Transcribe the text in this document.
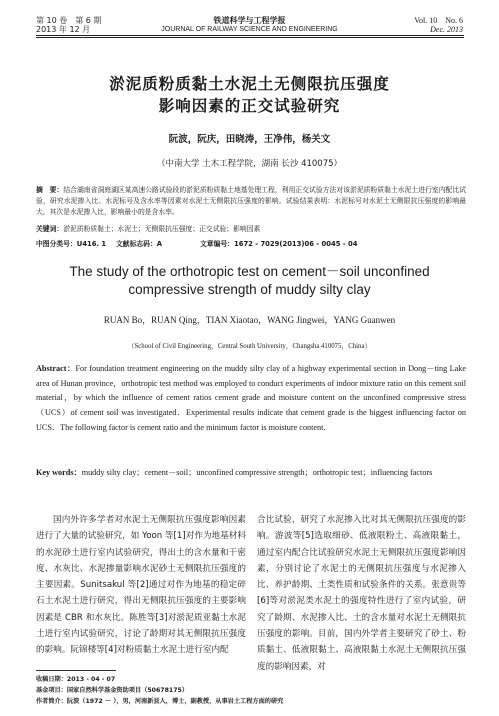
第 10 卷　第 6 期
2013 年 12 月
铁道科学与工程学报
JOURNAL OF RAILWAY SCIENCE AND ENGINEERING
Vol. 10　No. 6
Dec. 2013
淤泥质粉质黏土水泥土无侧限抗压强度
影响因素的正交试验研究
阮波，阮庆，田晓涛，王净伟，杨关文
（中南大学 土木工程学院，湖南 长沙 410075）
摘　要：结合湖南省洞庭湖区某高速公路试验段的淤泥质粉质黏土地基处理工程，利用正交试验方法对该淤泥质粉质黏土水泥土进行室内配比试验，研究水泥掺入比、水泥标号及含水率等因素对水泥土无侧限抗压强度的影响。试验结果表明：水泥标号对水泥土无侧限抗压强度的影响最大，其次是水泥掺入比，影响最小的是含水率。
关键词：淤泥质粉质黏土；水泥土；无侧限抗压强度；正交试验；影响因素
中图分类号：U416. 1 文献标志码：A	文章编号：1672 - 7029(2013)06 - 0045 - 04
The study of the orthotropic test on cement－soil unconfined
compressive strength of muddy silty clay
RUAN Bo，RUAN Qing，TIAN Xiaotao，WANG Jingwei，YANG Guanwen
（School of Civil Engineering，Central South University，Changsha 410075，China）
Abstract：For foundation treatment engineering on the muddy silty clay of a highway experimental section in Dong－ting Lake area of Hunan province，orthotropic test method was employed to conduct experiments of indoor mixture ratio on this cement soil material，by which the influence of cement ratios cement grade and moisture content on the unconfined compressive stress（UCS）of cement soil was investigated．Experimental results indicate that cement grade is the biggest influencing factor on UCS．The following factor is cement ratio and the minimum factor is moisture content．
Key words：muddy silty clay；cement－soil；unconfined compressive strength；orthotropic test；influencing factors
国内外许多学者对水泥土无侧限抗压强度影响因素进行了大量的试验研究，如 Yoon 等[1]对作为地基材料的水泥砂土进行室内试验研究，得出土的含水量和干密度、水灰比、水泥掺量影响水泥砂土无侧限抗压强度的主要因素。Sunitsakul 等[2]通过对作为地基的稳定碎石土水泥土进行研究，得出无侧限抗压强度的主要影响因素是 CBR 和水灰比。陈胜等[3]对淤泥质亚黏土水泥土进行室内试验研究，讨论了龄期对其无侧限抗压强度的影响。阮锦楼等[4]对粉质黏土水泥土进行室内配
合比试验，研究了水泥掺入比对其无侧限抗压强度的影响。游波等[5]选取细砂、低液限粉土、高液限黏土，通过室内配合比试验研究水泥土无侧限抗压强度影响因素，分别讨论了水泥土的无侧限抗压强度与水泥掺入比、养护龄期、土类性质和试验条件的关系。张意贵等[6]等对淤泥类水泥土的强度特性进行了室内试验，研究了龄期、水泥掺入比、土的含水量对水泥土无侧限抗压强度的影响。目前，国内外学者主要研究了砂土、粉质黏土、低液限黏土、高液限黏土水泥土无侧限抗压强度的影响因素，对
收稿日期：2013 - 04 - 07
基金项目：国家自然科学基金资助项目（50678175）
作者简介：阮波（1972 － ），男，河南新县人，博士，副教授，从事岩土工程方面的研究
